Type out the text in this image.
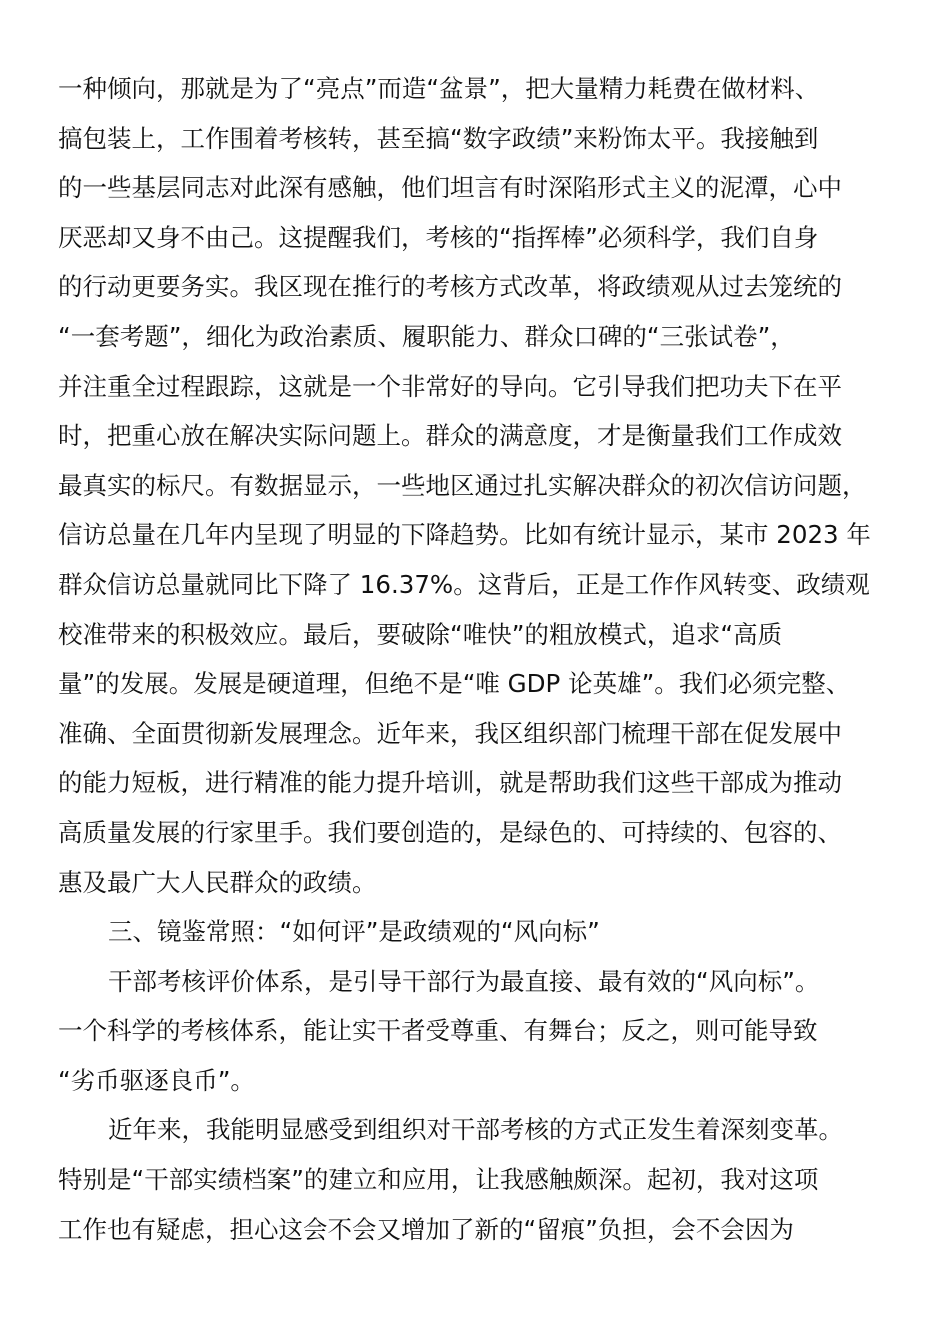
一种倾向，那就是为了“亮点”而造“盆景”，把大量精力耗费在做材料、
搞包装上，工作围着考核转，甚至搞“数字政绩”来粉饰太平。我接触到
的一些基层同志对此深有感触，他们坦言有时深陷形式主义的泥潭，心中
厌恶却又身不由己。这提醒我们，考核的“指挥棒”必须科学，我们自身
的行动更要务实。我区现在推行的考核方式改革，将政绩观从过去笼统的
“一套考题”，细化为政治素质、履职能力、群众口碑的“三张试卷”，
并注重全过程跟踪，这就是一个非常好的导向。它引导我们把功夫下在平
时，把重心放在解决实际问题上。群众的满意度，才是衡量我们工作成效
最真实的标尺。有数据显示，一些地区通过扎实解决群众的初次信访问题，
信访总量在几年内呈现了明显的下降趋势。比如有统计显示，某市 2023 年
群众信访总量就同比下降了 16.37%。这背后，正是工作作风转变、政绩观
校准带来的积极效应。最后，要破除“唯快”的粗放模式，追求“高质
量”的发展。发展是硬道理，但绝不是“唯 GDP 论英雄”。我们必须完整、
准确、全面贯彻新发展理念。近年来，我区组织部门梳理干部在促发展中
的能力短板，进行精准的能力提升培训，就是帮助我们这些干部成为推动
高质量发展的行家里手。我们要创造的，是绿色的、可持续的、包容的、
惠及最广大人民群众的政绩。
三、镜鉴常照：“如何评”是政绩观的“风向标”
干部考核评价体系，是引导干部行为最直接、最有效的“风向标”。
一个科学的考核体系，能让实干者受尊重、有舞台；反之，则可能导致
“劣币驱逐良币”。
近年来，我能明显感受到组织对干部考核的方式正发生着深刻变革。
特别是“干部实绩档案”的建立和应用，让我感触颇深。起初，我对这项
工作也有疑虑，担心这会不会又增加了新的“留痕”负担，会不会因为
